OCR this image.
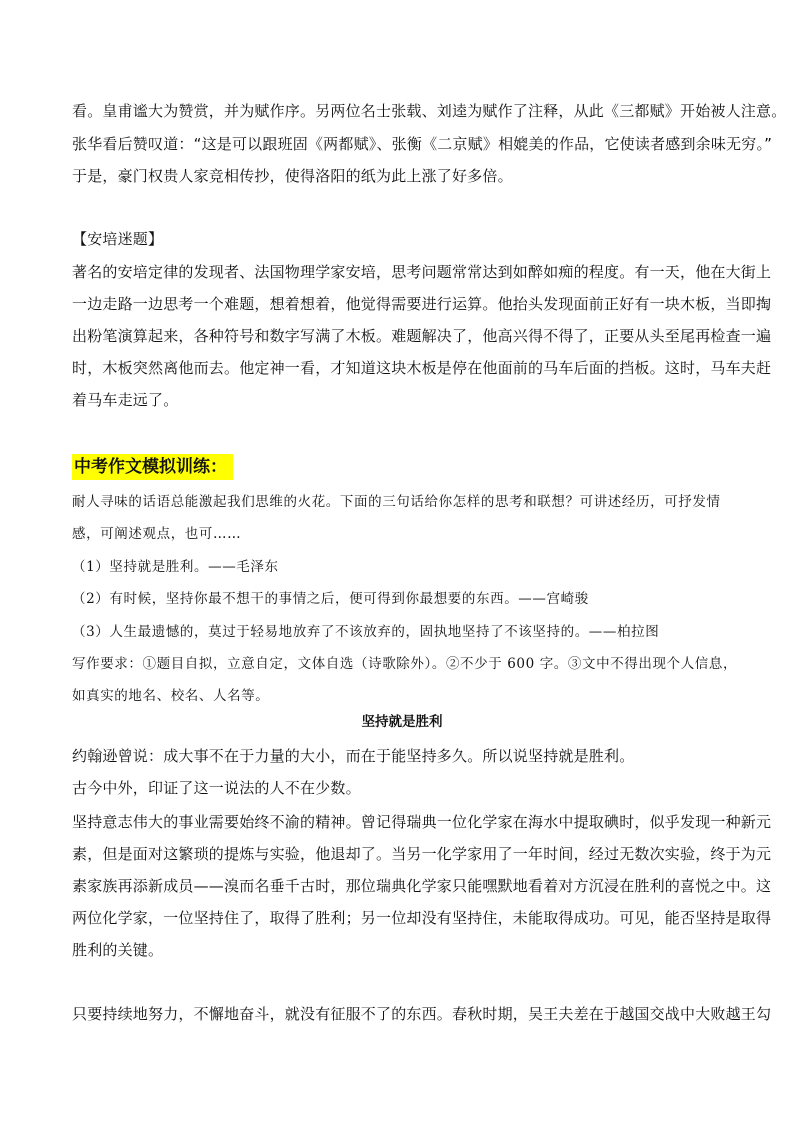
看。皇甫谧大为赞赏，并为赋作序。另两位名士张载、刘逵为赋作了注释，从此《三都赋》开始被人注意。
张华看后赞叹道：“这是可以跟班固《两都赋》、张衡《二京赋》相媲美的作品，它使读者感到余味无穷。”
于是，豪门权贵人家竞相传抄，使得洛阳的纸为此上涨了好多倍。
【安培迷题】
著名的安培定律的发现者、法国物理学家安培，思考问题常常达到如醉如痴的程度。有一天，他在大街上
一边走路一边思考一个难题，想着想着，他觉得需要进行运算。他抬头发现面前正好有一块木板，当即掏
出粉笔演算起来，各种符号和数字写满了木板。难题解决了，他高兴得不得了，正要从头至尾再检查一遍
时，木板突然离他而去。他定神一看，才知道这块木板是停在他面前的马车后面的挡板。这时，马车夫赶
着马车走远了。
中考作文模拟训练：
耐人寻味的话语总能激起我们思维的火花。下面的三句话给你怎样的思考和联想？可讲述经历，可抒发情
感，可阐述观点，也可……
（1）坚持就是胜利。——毛泽东
（2）有时候，坚持你最不想干的事情之后，便可得到你最想要的东西。——宫崎骏
（3）人生最遗憾的，莫过于轻易地放弃了不该放弃的，固执地坚持了不该坚持的。——柏拉图
写作要求：①题目自拟，立意自定，文体自选（诗歌除外）。②不少于 600 字。③文中不得出现个人信息，
如真实的地名、校名、人名等。
坚持就是胜利
约翰逊曾说：成大事不在于力量的大小，而在于能坚持多久。所以说坚持就是胜利。
古今中外，印证了这一说法的人不在少数。
坚持意志伟大的事业需要始终不渝的精神。曾记得瑞典一位化学家在海水中提取碘时，似乎发现一种新元
素，但是面对这繁琐的提炼与实验，他退却了。当另一化学家用了一年时间，经过无数次实验，终于为元
素家族再添新成员——溴而名垂千古时，那位瑞典化学家只能嘿默地看着对方沉浸在胜利的喜悦之中。这
两位化学家，一位坚持住了，取得了胜利；另一位却没有坚持住，未能取得成功。可见，能否坚持是取得
胜利的关键。
只要持续地努力，不懈地奋斗，就没有征服不了的东西。春秋时期，吴王夫差在于越国交战中大败越王勾
